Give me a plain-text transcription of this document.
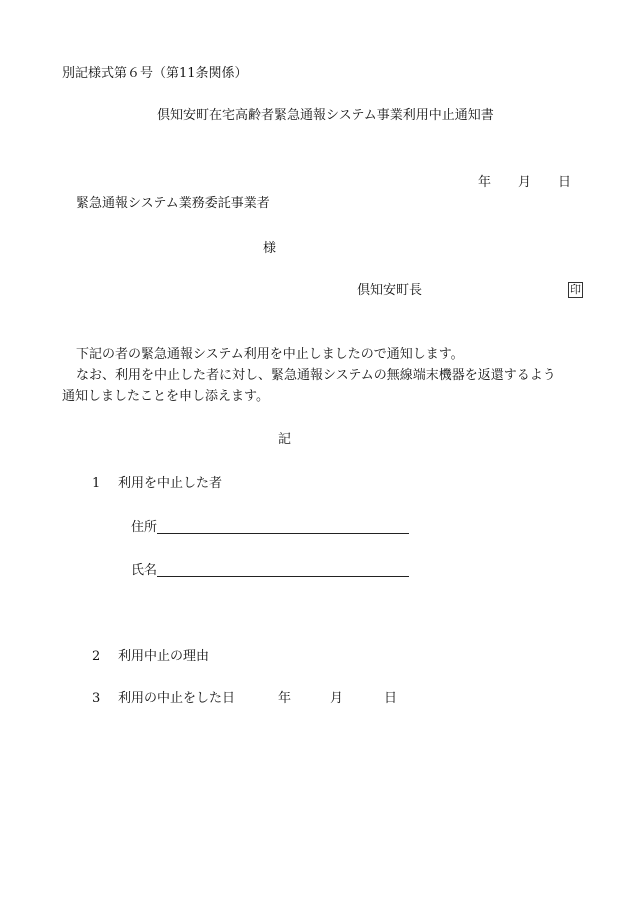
別記様式第６号（第11条関係）
倶知安町在宅高齢者緊急通報システム事業利用中止通知書
年 月 日
緊急通報システム業務委託事業者
様
倶知安町長	印
下記の者の緊急通報システム利用を中止しましたので通知します。
なお、利用を中止した者に対し、緊急通報システムの無線端末機器を返還するよう
通知しましたことを申し添えます。
記
1 利用を中止した者
住所
氏名
2 利用中止の理由
3 利用の中止をした日	年	月	日
